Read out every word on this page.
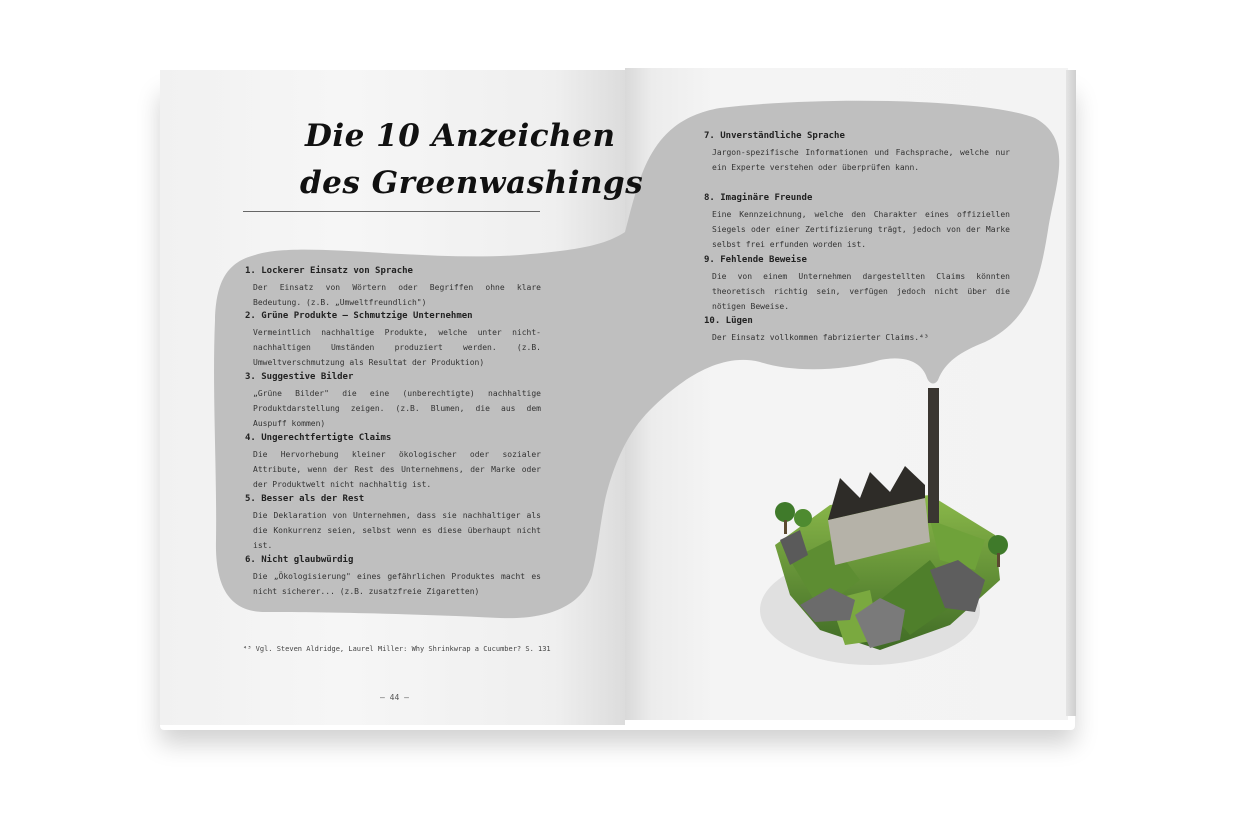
Die 10 Anzeichen
des Greenwashings
1. Lockerer Einsatz von Sprache
Der Einsatz von Wörtern oder Begriffen ohne klare Bedeutung. (z.B. „Umweltfreundlich")
2. Grüne Produkte – Schmutzige Unternehmen
Vermeintlich nachhaltige Produkte, welche unter nicht-nachhaltigen Umständen produziert werden. (z.B. Umweltverschmutzung als Resultat der Produktion)
3. Suggestive Bilder
„Grüne Bilder" die eine (unberechtigte) nachhaltige Produktdarstellung zeigen. (z.B. Blumen, die aus dem Auspuff kommen)
4. Ungerechtfertigte Claims
Die Hervorhebung kleiner ökologischer oder sozialer Attribute, wenn der Rest des Unternehmens, der Marke oder der Produktwelt nicht nachhaltig ist.
5. Besser als der Rest
Die Deklaration von Unternehmen, dass sie nachhaltiger als die Konkurrenz seien, selbst wenn es diese überhaupt nicht ist.
6. Nicht glaubwürdig
Die „Ökologisierung" eines gefährlichen Produktes macht es nicht sicherer... (z.B. zusatzfreie Zigaretten)
7. Unverständliche Sprache
Jargon-spezifische Informationen und Fachsprache, welche nur ein Experte verstehen oder überprüfen kann.
8. Imaginäre Freunde
Eine Kennzeichnung, welche den Charakter eines offiziellen Siegels oder einer Zertifizierung trägt, jedoch von der Marke selbst frei erfunden worden ist.
9. Fehlende Beweise
Die von einem Unternehmen dargestellten Claims könnten theoretisch richtig sein, verfügen jedoch nicht über die nötigen Beweise.
10. Lügen
Der Einsatz vollkommen fabrizierter Claims.⁴³
⁴³ Vgl. Steven Aldridge, Laurel Miller: Why Shrinkwrap a Cucumber? S. 131
– 44 –
